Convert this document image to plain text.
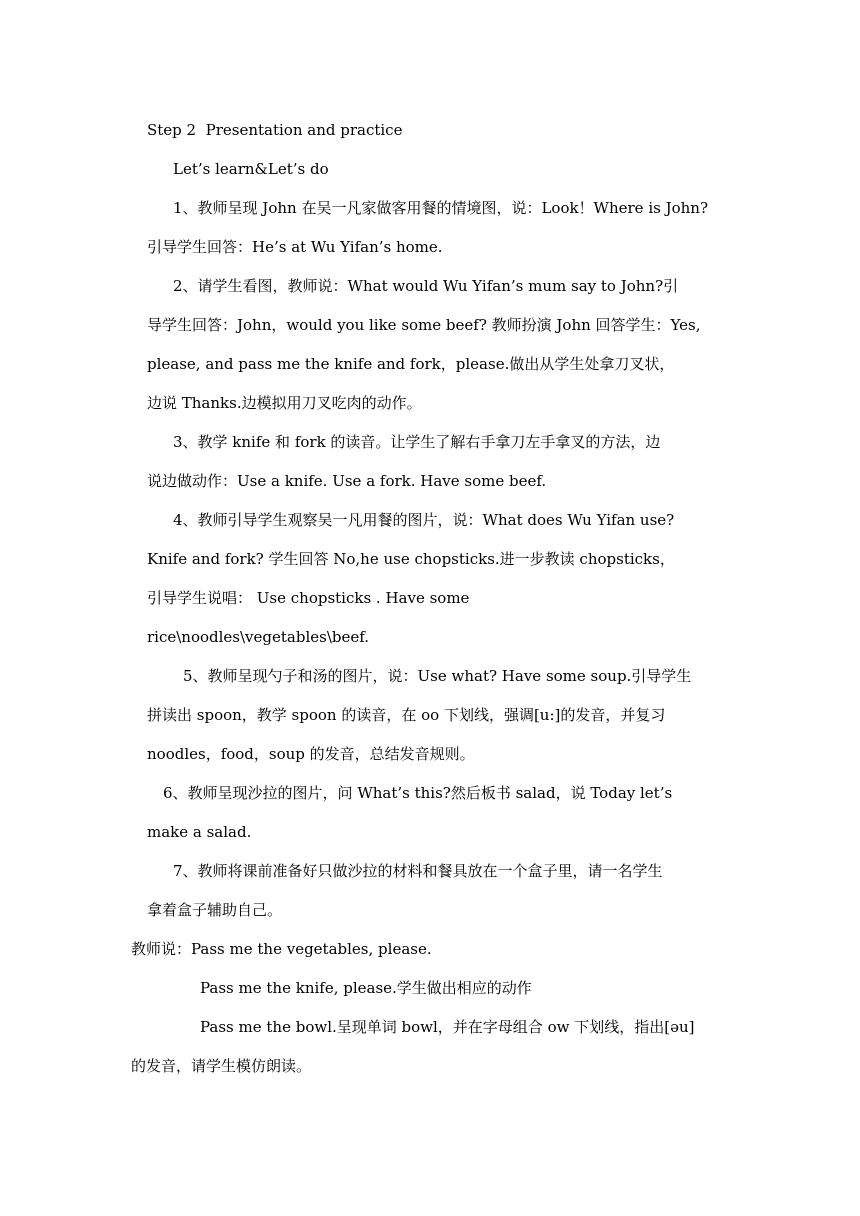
Step 2  Presentation and practice
Let’s learn&Let’s do
1、教师呈现 John 在吴一凡家做客用餐的情境图，说：Look！Where is John?
引导学生回答：He’s at Wu Yifan’s home.
2、请学生看图，教师说：What would Wu Yifan’s mum say to John?引
导学生回答：John，would you like some beef? 教师扮演 John 回答学生：Yes,
please, and pass me the knife and fork，please.做出从学生处拿刀叉状，
边说 Thanks.边模拟用刀叉吃肉的动作。
3、教学 knife 和 fork 的读音。让学生了解右手拿刀左手拿叉的方法，边
说边做动作：Use a knife. Use a fork. Have some beef.
4、教师引导学生观察吴一凡用餐的图片，说：What does Wu Yifan use?
Knife and fork? 学生回答 No,he use chopsticks.进一步教读 chopsticks，
引导学生说唱： Use chopsticks . Have some
rice\noodles\vegetables\beef.
5、教师呈现勺子和汤的图片，说：Use what? Have some soup.引导学生
拼读出 spoon，教学 spoon 的读音，在 oo 下划线，强调[u:]的发音，并复习
noodles，food，soup 的发音，总结发音规则。
6、教师呈现沙拉的图片，问 What’s this?然后板书 salad，说 Today let’s
make a salad.
7、教师将课前准备好只做沙拉的材料和餐具放在一个盒子里，请一名学生
拿着盒子辅助自己。
教师说：Pass me the vegetables, please.
Pass me the knife, please.学生做出相应的动作
Pass me the bowl.呈现单词 bowl，并在字母组合 ow 下划线，指出[əu]
的发音，请学生模仿朗读。
